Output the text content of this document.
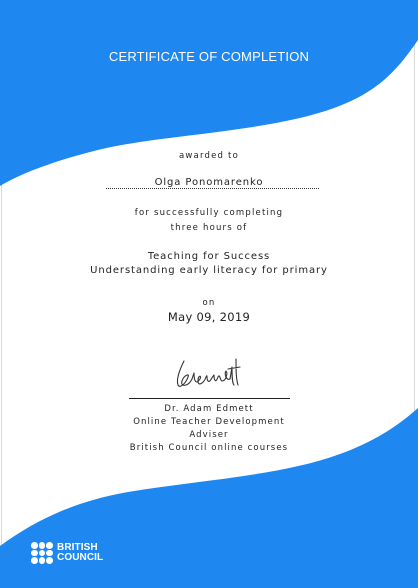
CERTIFICATE OF COMPLETION
awarded to
Olga Ponomarenko
for successfully completing
three hours of
Teaching for Success
Understanding early literacy for primary
on
May 09, 2019
Dr. Adam Edmett
Online Teacher Development
Adviser
British Council online courses
BRITISH
COUNCIL
